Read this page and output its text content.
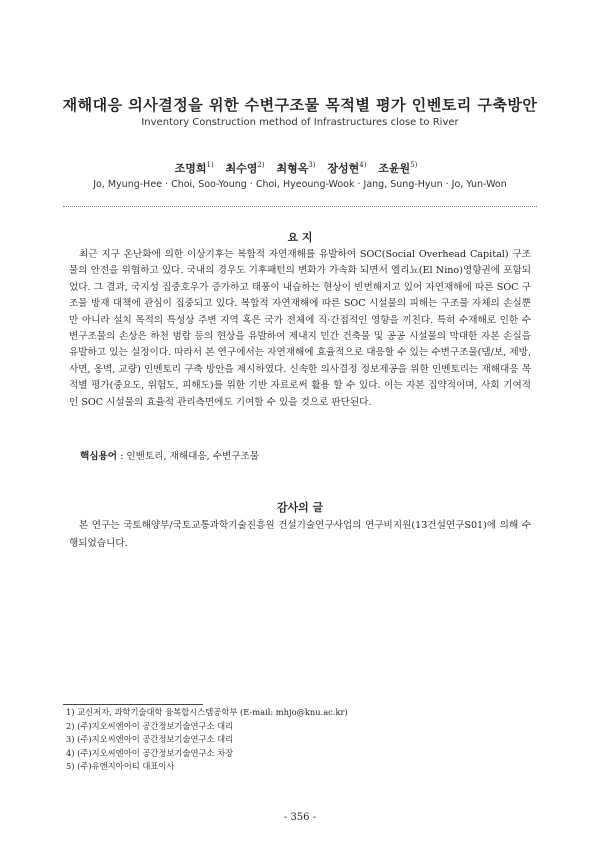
재해대응 의사결정을 위한 수변구조물 목적별 평가 인벤토리 구축방안
Inventory Construction method of Infrastructures close to River
조명희$^{1)}$ 최수영$^{2)}$ 최형옥$^{3)}$ 장성현$^{4)}$ 조윤원$^{5)}$
Jo, Myung-Hee · Choi, Soo-Young · Choi, Hyeoung-Wook · Jang, Sung-Hyun · Jo, Yun-Won
요 지
최근 지구 온난화에 의한 이상기후는 복합적 자연재해를 유발하여 SOC(Social Overhead Capital) 구조물의 안전을 위협하고 있다. 국내의 경우도 기후패턴의 변화가 가속화 되면서 엘리뇨(El Nino)영향권에 포함되었다. 그 결과, 국지성 집중호우가 증가하고 태풍이 내습하는 현상이 빈번해지고 있어 자연재해에 따른 SOC 구조물 방재 대책에 관심이 집중되고 있다. 복합적 자연재해에 따른 SOC 시설물의 피해는 구조물 자체의 손실뿐만 아니라 설치 목적의 특성상 주변 지역 혹은 국가 전체에 직·간접적인 영향을 끼친다. 특히 수재해로 인한 수변구조물의 손상은 하천 범람 등의 현상을 유발하여 제내지 민간 건축물 및 공공 시설물의 막대한 자본 손실을 유발하고 있는 실정이다. 따라서 본 연구에서는 자연재해에 효율적으로 대응할 수 있는 수변구조물(댐/보, 제방, 사면, 옹벽, 교량) 인벤토리 구축 방안을 제시하였다. 신속한 의사결정 정보제공을 위한 인벤토리는 재해대응 목적별 평가(중요도, 위험도, 피해도)를 위한 기반 자료로써 활용 할 수 있다. 이는 자본 집약적이며, 사회 기여적인 SOC 시설물의 효율적 관리측면에도 기여할 수 있을 것으로 판단된다.
핵심용어 : 인벤토리, 재해대응, 수변구조물
감사의 글
본 연구는 국토해양부/국토교통과학기술진흥원 건설기술연구사업의 연구비지원(13건설연구S01)에 의해 수행되었습니다.
1) 교신저자, 과학기술대학 융복합시스템공학부 (E-mail: mhjo@knu.ac.kr)
2) (주)지오씨엔아이 공간정보기술연구소 대리
3) (주)지오씨엔아이 공간정보기술연구소 대리
4) (주)지오씨엔아이 공간정보기술연구소 차장
5) (주)유엔지아이티 대표이사
- 356 -
